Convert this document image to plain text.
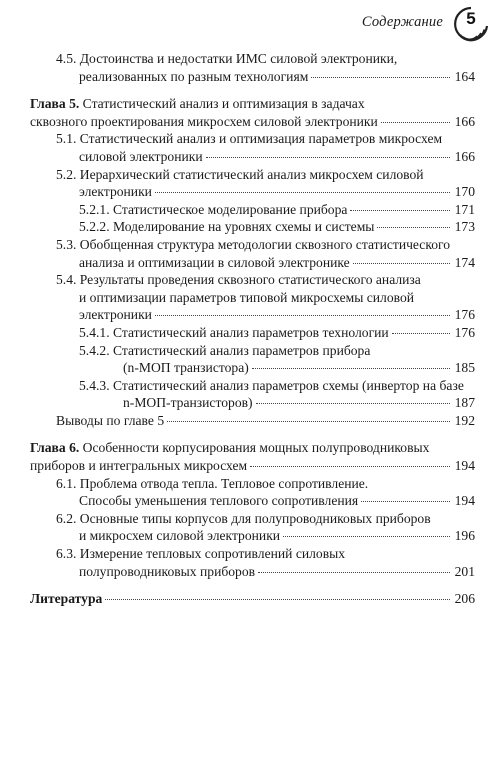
Содержание	5
4.5. Достоинства и недостатки ИМС силовой электроники,
реализованных по разным технологиям	164
Глава 5. Статистический анализ и оптимизация в задачах
сквозного проектирования микросхем силовой электроники	166
5.1. Статистический анализ и оптимизация параметров микросхем
силовой электроники	166
5.2. Иерархический статистический анализ микросхем силовой
электроники	170
5.2.1. Статистическое моделирование прибора	171
5.2.2. Моделирование на уровнях схемы и системы	173
5.3. Обобщенная структура методологии сквозного статистического
анализа и оптимизации в силовой электронике	174
5.4. Результаты проведения сквозного статистического анализа
и оптимизации параметров типовой микросхемы силовой
электроники	176
5.4.1. Статистический анализ параметров технологии	176
5.4.2. Статистический анализ параметров прибора
(n-МОП транзистора)	185
5.4.3. Статистический анализ параметров схемы (инвертор на базе
n-МОП-транзисторов)	187
Выводы по главе 5	192
Глава 6. Особенности корпусирования мощных полупроводниковых
приборов и интегральных микросхем	194
6.1. Проблема отвода тепла. Тепловое сопротивление.
Способы уменьшения теплового сопротивления	194
6.2. Основные типы корпусов для полупроводниковых приборов
и микросхем силовой электроники	196
6.3. Измерение тепловых сопротивлений силовых
полупроводниковых приборов	201
Литература	206
